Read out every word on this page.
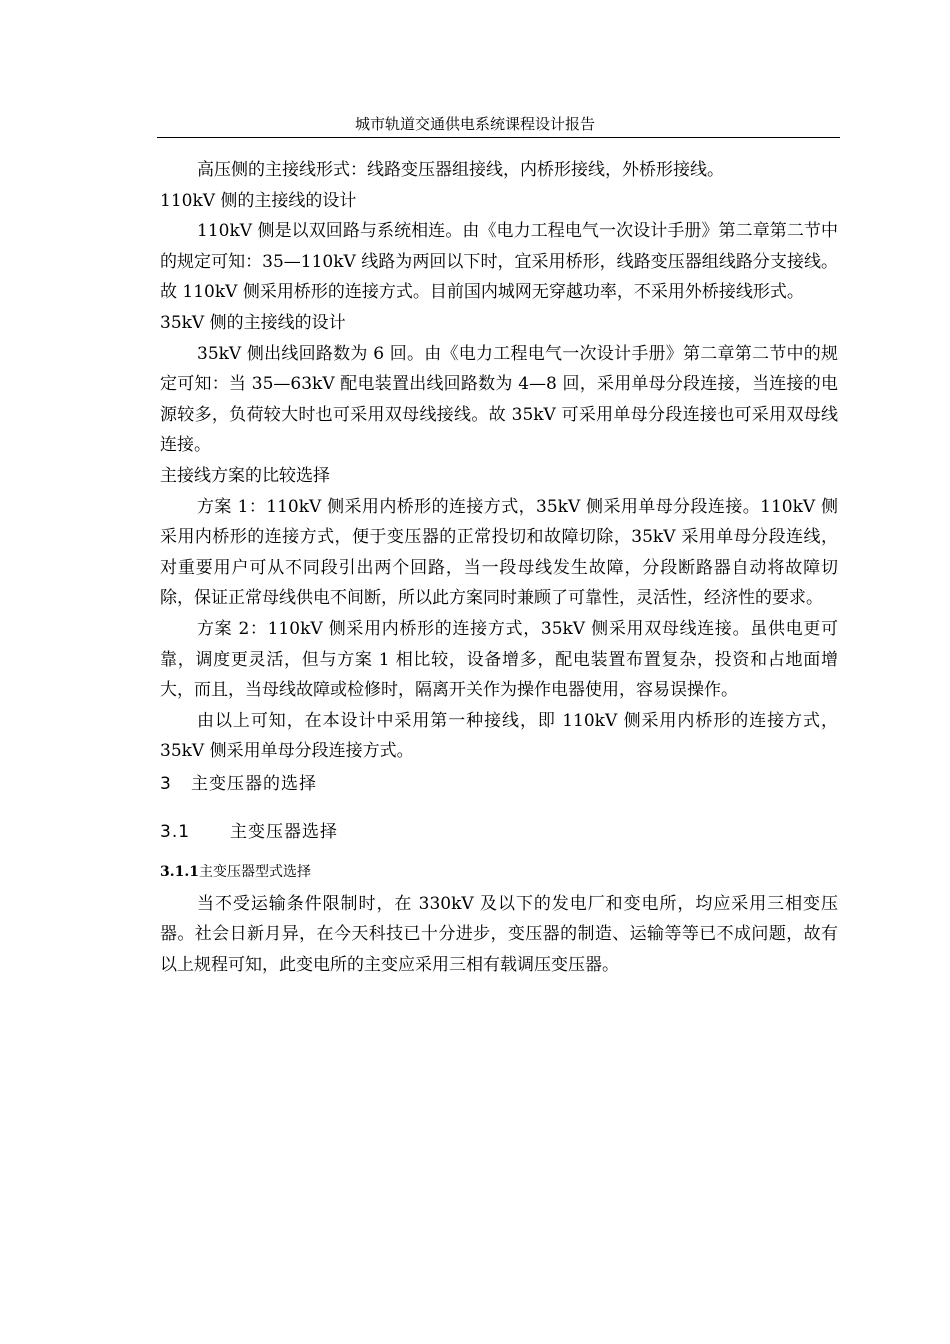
城市轨道交通供电系统课程设计报告

高压侧的主接线形式：线路变压器组接线，内桥形接线，外桥形接线。

110kV 侧的主接线的设计

110kV 侧是以双回路与系统相连。由《电力工程电气一次设计手册》第二章第二节中的规定可知：35—110kV 线路为两回以下时，宜采用桥形，线路变压器组线路分支接线。故 110kV 侧采用桥形的连接方式。目前国内城网无穿越功率，不采用外桥接线形式。

35kV 侧的主接线的设计

35kV 侧出线回路数为 6 回。由《电力工程电气一次设计手册》第二章第二节中的规定可知：当 35—63kV 配电装置出线回路数为 4—8 回，采用单母分段连接，当连接的电源较多，负荷较大时也可采用双母线接线。故 35kV 可采用单母分段连接也可采用双母线连接。

主接线方案的比较选择

方案 1：110kV 侧采用内桥形的连接方式，35kV 侧采用单母分段连接。110kV 侧采用内桥形的连接方式，便于变压器的正常投切和故障切除，35kV 采用单母分段连线，对重要用户可从不同段引出两个回路，当一段母线发生故障，分段断路器自动将故障切除，保证正常母线供电不间断，所以此方案同时兼顾了可靠性，灵活性，经济性的要求。

方案 2：110kV 侧采用内桥形的连接方式，35kV 侧采用双母线连接。虽供电更可靠，调度更灵活，但与方案 1 相比较，设备增多，配电装置布置复杂，投资和占地面增大，而且，当母线故障或检修时，隔离开关作为操作电器使用，容易误操作。

由以上可知，在本设计中采用第一种接线，即 110kV 侧采用内桥形的连接方式，35kV 侧采用单母分段连接方式。

3 主变压器的选择
3.1 主变压器选择
3.1.1主变压器型式选择

当不受运输条件限制时，在 330kV 及以下的发电厂和变电所，均应采用三相变压器。社会日新月异，在今天科技已十分进步，变压器的制造、运输等等已不成问题，故有以上规程可知，此变电所的主变应采用三相有载调压变压器。
